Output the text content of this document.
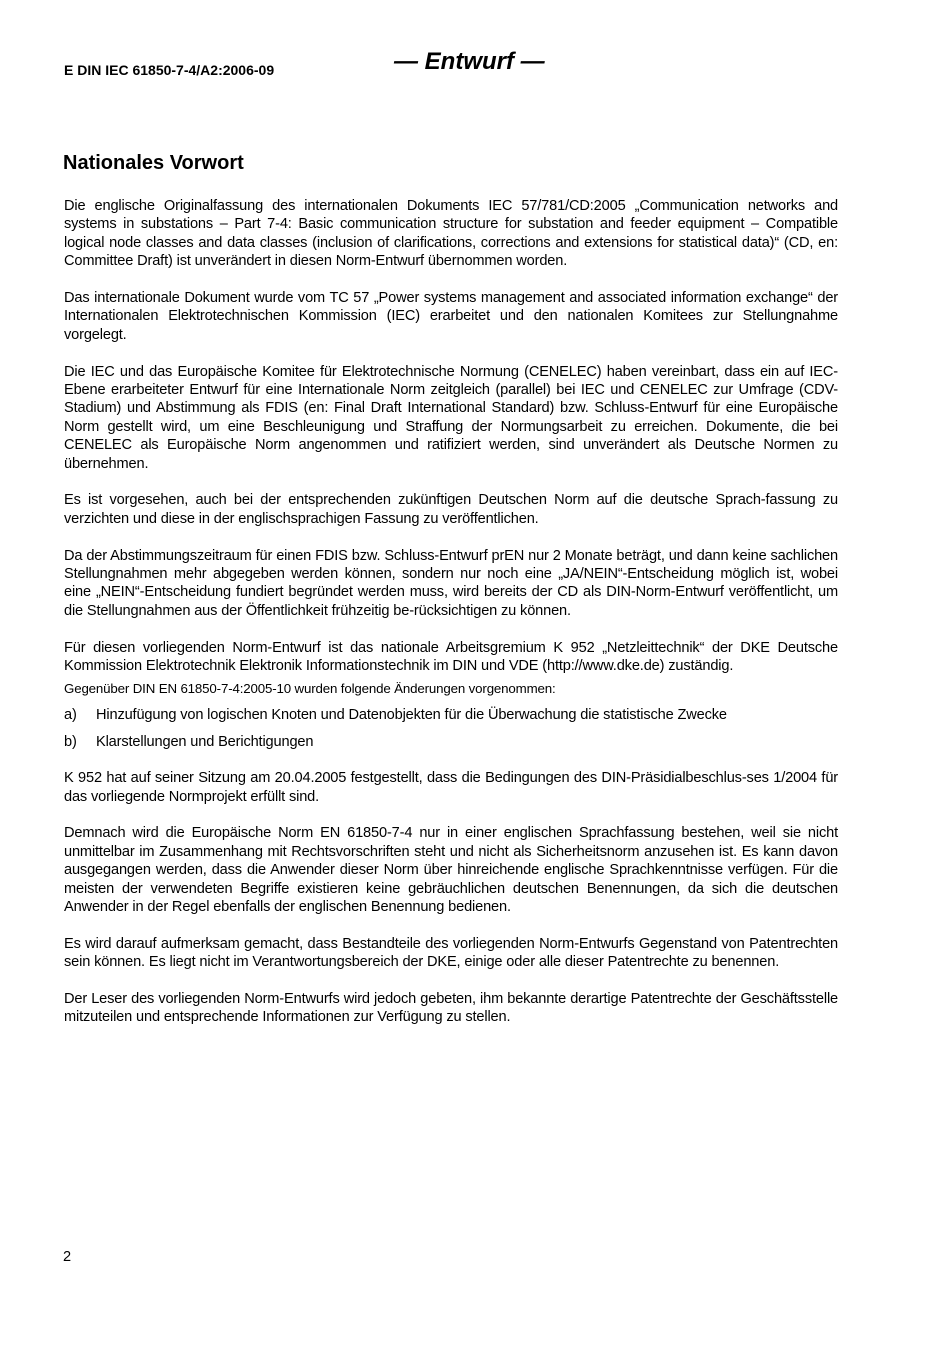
E DIN IEC 61850-7-4/A2:2006-09	— Entwurf —
Nationales Vorwort

Die englische Originalfassung des internationalen Dokuments IEC 57/781/CD:2005 „Communication networks and systems in substations – Part 7-4: Basic communication structure for substation and feeder equipment – Compatible logical node classes and data classes (inclusion of clarifications, corrections and extensions for statistical data)“ (CD, en: Committee Draft) ist unverändert in diesen Norm-Entwurf übernommen worden.

Das internationale Dokument wurde vom TC 57 „Power systems management and associated information exchange“ der Internationalen Elektrotechnischen Kommission (IEC) erarbeitet und den nationalen Komitees zur Stellungnahme vorgelegt.

Die IEC und das Europäische Komitee für Elektrotechnische Normung (CENELEC) haben vereinbart, dass ein auf IEC-Ebene erarbeiteter Entwurf für eine Internationale Norm zeitgleich (parallel) bei IEC und CENELEC zur Umfrage (CDV-Stadium) und Abstimmung als FDIS (en: Final Draft International Standard) bzw. Schluss-Entwurf für eine Europäische Norm gestellt wird, um eine Beschleunigung und Straffung der Normungsarbeit zu erreichen. Dokumente, die bei CENELEC als Europäische Norm angenommen und ratifiziert werden, sind unverändert als Deutsche Normen zu übernehmen.

Es ist vorgesehen, auch bei der entsprechenden zukünftigen Deutschen Norm auf die deutsche Sprach-fassung zu verzichten und diese in der englischsprachigen Fassung zu veröffentlichen.

Da der Abstimmungszeitraum für einen FDIS bzw. Schluss-Entwurf prEN nur 2 Monate beträgt, und dann keine sachlichen Stellungnahmen mehr abgegeben werden können, sondern nur noch eine „JA/NEIN“-Entscheidung möglich ist, wobei eine „NEIN“-Entscheidung fundiert begründet werden muss, wird bereits der CD als DIN-Norm-Entwurf veröffentlicht, um die Stellungnahmen aus der Öffentlichkeit frühzeitig be-rücksichtigen zu können.

Für diesen vorliegenden Norm-Entwurf ist das nationale Arbeitsgremium K 952 „Netzleittechnik“ der DKE Deutsche Kommission Elektrotechnik Elektronik Informationstechnik im DIN und VDE (http://www.dke.de) zuständig.

Gegenüber DIN EN 61850-7-4:2005-10 wurden folgende Änderungen vorgenommen:

a)	Hinzufügung von logischen Knoten und Datenobjekten für die Überwachung die statistische Zwecke
b)	Klarstellungen und Berichtigungen

K 952 hat auf seiner Sitzung am 20.04.2005 festgestellt, dass die Bedingungen des DIN-Präsidialbeschlus-ses 1/2004 für das vorliegende Normprojekt erfüllt sind.

Demnach wird die Europäische Norm EN 61850-7-4 nur in einer englischen Sprachfassung bestehen, weil sie nicht unmittelbar im Zusammenhang mit Rechtsvorschriften steht und nicht als Sicherheitsnorm anzusehen ist. Es kann davon ausgegangen werden, dass die Anwender dieser Norm über hinreichende englische Sprachkenntnisse verfügen. Für die meisten der verwendeten Begriffe existieren keine gebräuchlichen deutschen Benennungen, da sich die deutschen Anwender in der Regel ebenfalls der englischen Benennung bedienen.

Es wird darauf aufmerksam gemacht, dass Bestandteile des vorliegenden Norm-Entwurfs Gegenstand von Patentrechten sein können. Es liegt nicht im Verantwortungsbereich der DKE, einige oder alle dieser Patentrechte zu benennen.

Der Leser des vorliegenden Norm-Entwurfs wird jedoch gebeten, ihm bekannte derartige Patentrechte der Geschäftsstelle mitzuteilen und entsprechende Informationen zur Verfügung zu stellen.

2
